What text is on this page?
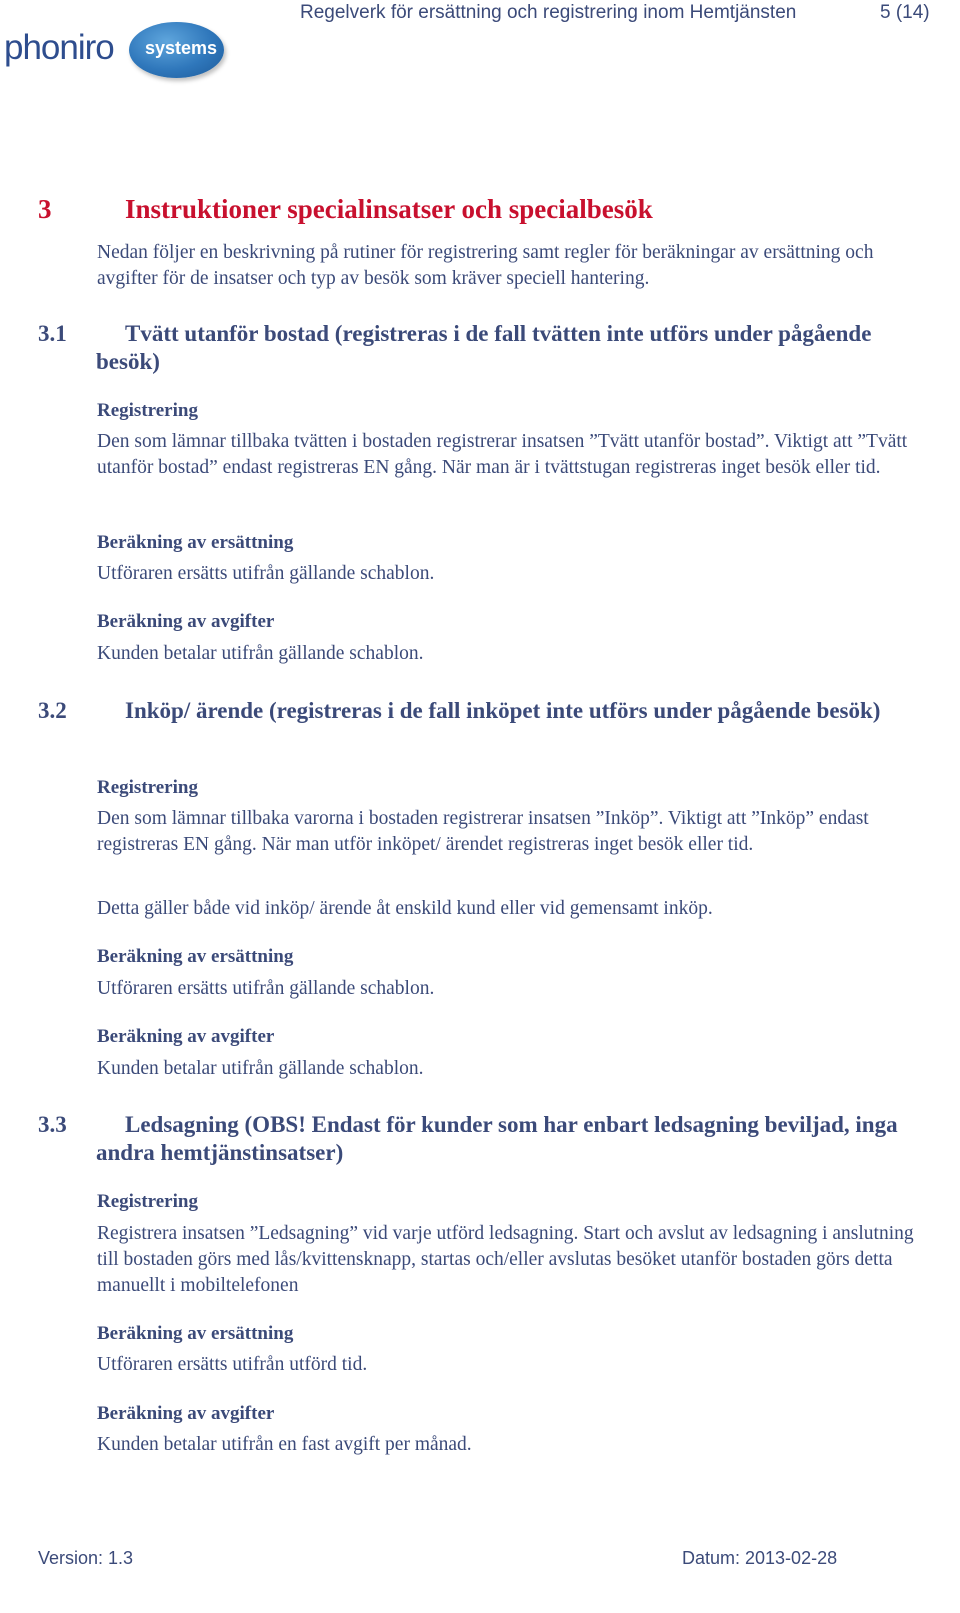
phoniro systems
Regelverk för ersättning och registrering inom Hemtjänsten	5 (14)
3	Instruktioner specialinsatser och specialbesök
Nedan följer en beskrivning på rutiner för registrering samt regler för beräkningar av ersättning och avgifter för de insatser och typ av besök som kräver speciell hantering.
3.1	Tvätt utanför bostad (registreras i de fall tvätten inte utförs under pågående besök)
Registrering
Den som lämnar tillbaka tvätten i bostaden registrerar insatsen ”Tvätt utanför bostad”. Viktigt att ”Tvätt utanför bostad” endast registreras EN gång. När man är i tvättstugan registreras inget besök eller tid.
Beräkning av ersättning
Utföraren ersätts utifrån gällande schablon.
Beräkning av avgifter
Kunden betalar utifrån gällande schablon.
3.2	Inköp/ ärende (registreras i de fall inköpet inte utförs under pågående besök)
Registrering
Den som lämnar tillbaka varorna i bostaden registrerar insatsen ”Inköp”. Viktigt att ”Inköp” endast registreras EN gång. När man utför inköpet/ ärendet registreras inget besök eller tid.
Detta gäller både vid inköp/ ärende åt enskild kund eller vid gemensamt inköp.
Beräkning av ersättning
Utföraren ersätts utifrån gällande schablon.
Beräkning av avgifter
Kunden betalar utifrån gällande schablon.
3.3	Ledsagning (OBS! Endast för kunder som har enbart ledsagning beviljad, inga andra hemtjänstinsatser)
Registrering
Registrera insatsen ”Ledsagning” vid varje utförd ledsagning. Start och avslut av ledsagning i anslutning till bostaden görs med lås/kvittensknapp, startas och/eller avslutas besöket utanför bostaden görs detta manuellt i mobiltelefonen
Beräkning av ersättning
Utföraren ersätts utifrån utförd tid.
Beräkning av avgifter
Kunden betalar utifrån en fast avgift per månad.
Version: 1.3	Datum: 2013-02-28
